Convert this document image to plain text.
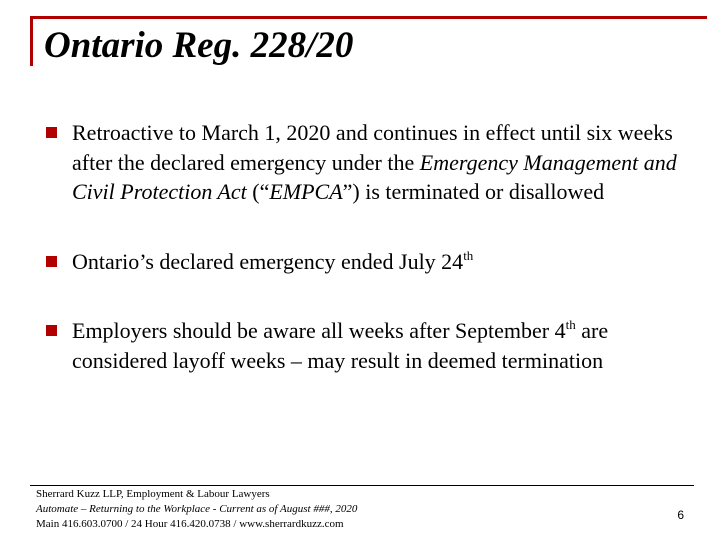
Ontario Reg. 228/20
Retroactive to March 1, 2020 and continues in effect until six weeks after the declared emergency under the Emergency Management and Civil Protection Act (“EMPCA”) is terminated or disallowed
Ontario’s declared emergency ended July 24th
Employers should be aware all weeks after September 4th are considered layoff weeks – may result in deemed termination
Sherrard Kuzz LLP, Employment & Labour Lawyers
Automate – Returning to the Workplace - Current as of August ###, 2020
Main 416.603.0700 / 24 Hour 416.420.0738 / www.sherrardkuzz.com
6
